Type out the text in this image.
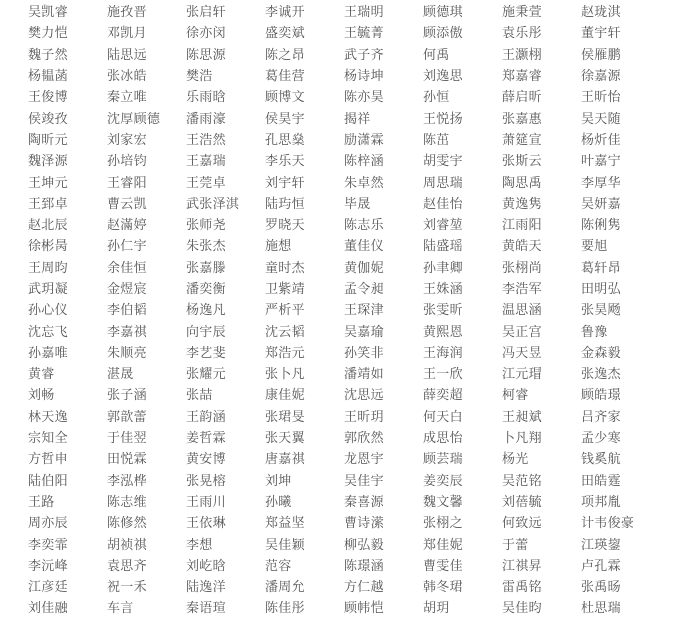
吴凯睿	施孜晋	张启轩	李诚开	王瑞明	顾德琪	施秉萱	赵珑淇
樊力恺	邓凯月	徐亦闵	盛奕斌	王毓菁	顾添傲	袁乐彤	董宇轩
魏子然	陆思远	陈思源	陈之昂	武子齐	何禹	王灏栩	侯雁鹏
杨韫菡	张冰皓	樊浩	葛佳营	杨诗坤	刘逸思	郑嘉睿	徐嘉源
王俊博	秦立唯	乐雨晗	顾博文	陈亦昊	孙恒	薛启昕	王昕怡
侯竣孜	沈厚顾德	潘雨濠	侯昊宇	揭祥	王悦扬	张嘉惠	吴天随
陶昕元	刘家宏	王浩然	孔思燊	励潇霖	陈茁	萧筵宣	杨炘佳
魏泽源	孙培钧	王嘉瑞	李乐天	陈梓涵	胡雯宇	张斯云	叶嘉宁
王坤元	王睿阳	王莞卓	刘宇轩	朱卓然	周思瑞	陶思禹	李厚华
王郅卓	曹云凯	武张泽淇	陆玙恒	毕晟	赵佳怡	黄逸隽	吴妍嘉
赵北辰	赵滿婷	张师尧	罗晓天	陈志乐	刘睿堃	江雨阳	陈俐隽
徐彬昺	孙仁宇	朱张杰	施想	董佳仪	陆盛瑶	黄皓天	要旭
王周昀	余佳恒	张嘉滕	童时杰	黄伽妮	孙聿卿	张栩尚	葛轩昂
武玥凝	金煜宸	潘奕衡	卫紫靖	孟令昶	王姝涵	李浩军	田明弘
孙心仪	李伯韬	杨逸凡	严析平	王琛津	张雯昕	温思涵	张昊飏
沈忘飞	李嘉祺	向宇辰	沈云韬	吴嘉瑜	黄熙恩	吴正宫	鲁豫
孙嘉唯	朱顺亮	李艺斐	郑浩元	孙笑非	王海润	冯天昱	金森毅
黄睿	湛晟	张耀元	张卜凡	潘靖如	王一欣	江元瑁	张逸杰
刘畅	张子涵	张喆	康佳妮	沈思远	薛奕超	柯睿	顾皓璟
林天逸	郭歆蕾	王韵涵	张珺旻	王昕玥	何天白	王昶斌	吕齐家
宗知全	于佳翌	姜哲霖	张天翼	郭欣然	成思怡	卜凡翔	孟少寒
方哲申	田悦霖	黄安博	唐嘉祺	龙恩宇	顾芸瑞	杨光	钱奚航
陆伯阳	李泓桦	张晃榕	刘坤	吴佳宇	姜奕辰	吴范铭	田皓霆
王路	陈志维	王雨川	孙曦	秦喜源	魏文馨	刘蓓毓	项邦胤
周亦辰	陈修然	王依琳	郑益坚	曹诗潆	张栩之	何致远	计韦俊豪
李奕霏	胡祯祺	李想	吴佳颖	柳弘毅	郑佳妮	于蕾	江瑛鋆
李沅峰	袁思齐	刘屹晗	范容	陈璟涵	曹雯佳	江祺昇	卢孔霖
江彦廷	祝一禾	陆逸洋	潘周允	方仁越	韩冬珺	雷禹铭	张禹旸
刘佳融	车言	秦语瑄	陈佳彤	顾帏恺	胡玥	吴佳昀	杜思瑞
